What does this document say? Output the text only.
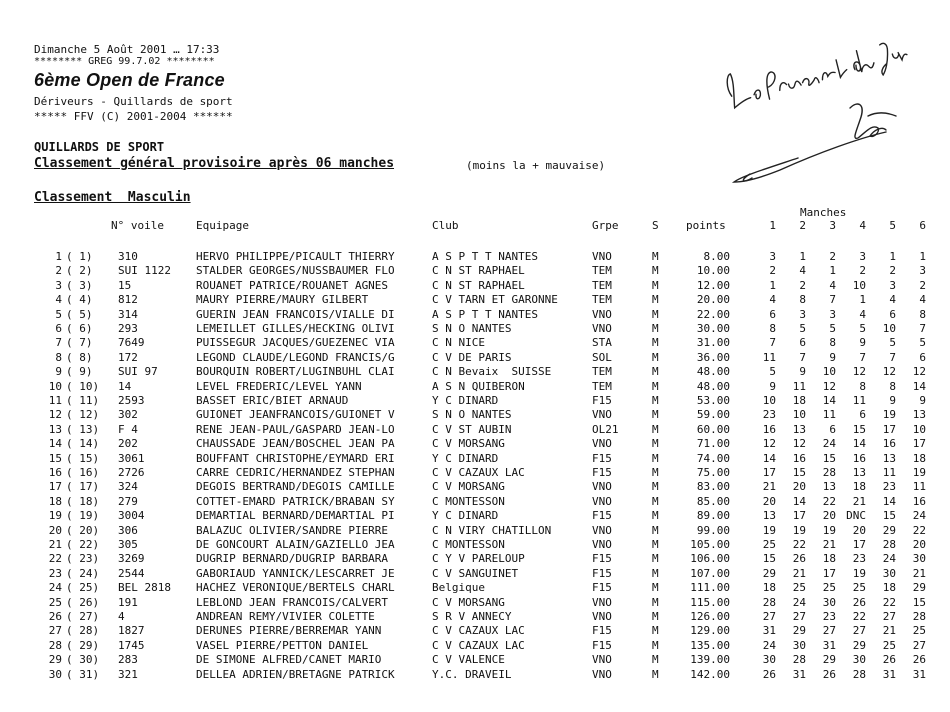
Dimanche 5 Août 2001 … 17:33
******** GREG 99.7.02 ********
6ème Open de France
Dériveurs - Quillards de sport
***** FFV (C) 2001-2004 ******
QUILLARDS DE SPORT
Classement général provisoire après 06 manches	(moins la + mauvaise)
Classement  Masculin
Manches
N° voile	Equipage	Club	Grpe	S points	1	2	3	4	5	6
1 ( 1) 310	HERVO PHILIPPE/PICAULT THIERRY	A S P T T NANTES	VNO	M	8.00	3	1	2	3	1	1
2 ( 2) SUI 1122 STALDER GEORGES/NUSSBAUMER FLO	C N ST RAPHAEL	TEM	M	10.00	2	4	1	2	2	3
3 ( 3) 15	ROUANET PATRICE/ROUANET AGNES	C N ST RAPHAEL	TEM	M	12.00	1	2	4	10	3	2
4 ( 4) 812	MAURY PIERRE/MAURY GILBERT	C V TARN ET GARONNE	TEM	M	20.00	4	8	7	1	4	4
5 ( 5) 314	GUERIN JEAN FRANCOIS/VIALLE DI	A S P T T NANTES	VNO	M	22.00	6	3	3	4	6	8
6 ( 6) 293	LEMEILLET GILLES/HECKING OLIVI	S N O NANTES	VNO	M	30.00	8	5	5	5	10	7
7 ( 7) 7649	PUISSEGUR JACQUES/GUEZENEC VIA	C N NICE	STA	M	31.00	7	6	8	9	5	5
8 ( 8) 172	LEGOND CLAUDE/LEGOND FRANCIS/G	C V DE PARIS	SOL	M	36.00	11	7	9	7	7	6
9 ( 9) SUI 97	BOURQUIN ROBERT/LUGINBUHL CLAI	C N Bevaix  SUISSE	TEM	M	48.00	5	9	10	12	12	12
10 ( 10) 14	LEVEL FREDERIC/LEVEL YANN	A S N QUIBERON	TEM	M	48.00	9	11	12	8	8	14
11 ( 11) 2593	BASSET ERIC/BIET ARNAUD	Y C DINARD	F15	M	53.00	10	18	14	11	9	9
12 ( 12) 302	GUIONET JEANFRANCOIS/GUIONET V	S N O NANTES	VNO	M	59.00	23	10	11	6	19	13
13 ( 13) F 4	RENE JEAN-PAUL/GASPARD JEAN-LO	C V ST AUBIN	OL21	M	60.00	16	13	6	15	17	10
14 ( 14) 202	CHAUSSADE JEAN/BOSCHEL JEAN PA	C V MORSANG	VNO	M	71.00	12	12	24	14	16	17
15 ( 15) 3061	BOUFFANT CHRISTOPHE/EYMARD ERI	Y C DINARD	F15	M	74.00	14	16	15	16	13	18
16 ( 16) 2726	CARRE CEDRIC/HERNANDEZ STEPHAN	C V CAZAUX LAC	F15	M	75.00	17	15	28	13	11	19
17 ( 17) 324	DEGOIS BERTRAND/DEGOIS CAMILLE	C V MORSANG	VNO	M	83.00	21	20	13	18	23	11
18 ( 18) 279	COTTET-EMARD PATRICK/BRABAN SY	C MONTESSON	VNO	M	85.00	20	14	22	21	14	16
19 ( 19) 3004	DEMARTIAL BERNARD/DEMARTIAL PI	Y C DINARD	F15	M	89.00	13	17	20 DNC	15	24
20 ( 20) 306	BALAZUC OLIVIER/SANDRE PIERRE	C N VIRY CHATILLON	VNO	M	99.00	19	19	19	20	29	22
21 ( 22) 305	DE GONCOURT ALAIN/GAZIELLO JEA	C MONTESSON	VNO	M	105.00	25	22	21	17	28	20
22 ( 23) 3269	DUGRIP BERNARD/DUGRIP BARBARA	C Y V PARELOUP	F15	M	106.00	15	26	18	23	24	30
23 ( 24) 2544	GABORIAUD YANNICK/LESCARRET JE	C V SANGUINET	F15	M	107.00	29	21	17	19	30	21
24 ( 25) BEL 2818 HACHEZ VERONIQUE/BERTELS CHARL	Belgique	F15	M	111.00	18	25	25	25	18	29
25 ( 26) 191	LEBLOND JEAN FRANCOIS/CALVERT	C V MORSANG	VNO	M	115.00	28	24	30	26	22	15
26 ( 27) 4	ANDREAN REMY/VIVIER COLETTE	S R V ANNECY	VNO	M	126.00	27	27	23	22	27	28
27 ( 28) 1827	DERUNES PIERRE/BERREMAR YANN	C V CAZAUX LAC	F15	M	129.00	31	29	27	27	21	25
28 ( 29) 1745	VASEL PIERRE/PETTON DANIEL	C V CAZAUX LAC	F15	M	135.00	24	30	31	29	25	27
29 ( 30) 283	DE SIMONE ALFRED/CANET MARIO	C V VALENCE	VNO	M	139.00	30	28	29	30	26	26
30 ( 31) 321	DELLEA ADRIEN/BRETAGNE PATRICK	Y.C. DRAVEIL	VNO	M	142.00	26	31	26	28	31	31
